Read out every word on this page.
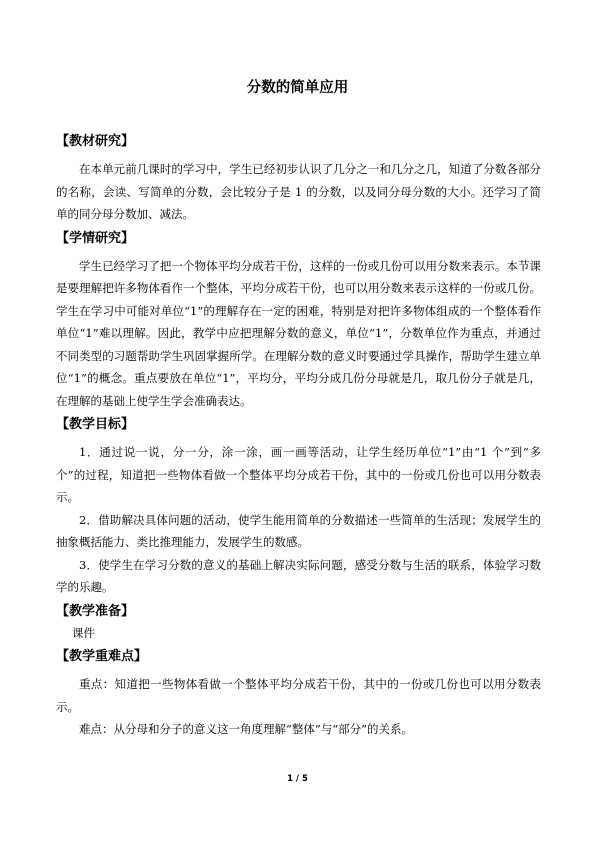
分数的简单应用

【教材研究】

在本单元前几课时的学习中，学生已经初步认识了几分之一和几分之几，知道了分数各部分的名称，会读、写简单的分数，会比较分子是 1 的分数，以及同分母分数的大小。还学习了简单的同分母分数加、减法。

【学情研究】

学生已经学习了把一个物体平均分成若干份，这样的一份或几份可以用分数来表示。本节课是要理解把许多物体看作一个整体，平均分成若干份，也可以用分数来表示这样的一份或几份。学生在学习中可能对单位“1”的理解存在一定的困难，特别是对把许多物体组成的一个整体看作单位“1”难以理解。因此，教学中应把理解分数的意义，单位“1”，分数单位作为重点，并通过不同类型的习题帮助学生巩固掌握所学。在理解分数的意义时要通过学具操作，帮助学生建立单位“1”的概念。重点要放在单位“1”，平均分，平均分成几份分母就是几，取几份分子就是几，在理解的基础上使学生学会准确表达。

【教学目标】

1．通过说一说，分一分，涂一涂，画一画等活动，让学生经历单位“1”由“1 个”到“多个”的过程，知道把一些物体看做一个整体平均分成若干份，其中的一份或几份也可以用分数表示。

2．借助解决具体问题的活动，使学生能用简单的分数描述一些简单的生活现；发展学生的抽象概括能力、类比推理能力，发展学生的数感。

3．使学生在学习分数的意义的基础上解决实际问题，感受分数与生活的联系，体验学习数学的乐趣。

【教学准备】

课件

【教学重难点】

重点：知道把一些物体看做一个整体平均分成若干份，其中的一份或几份也可以用分数表示。

难点：从分母和分子的意义这一角度理解“整体”与“部分”的关系。

1 / 5
